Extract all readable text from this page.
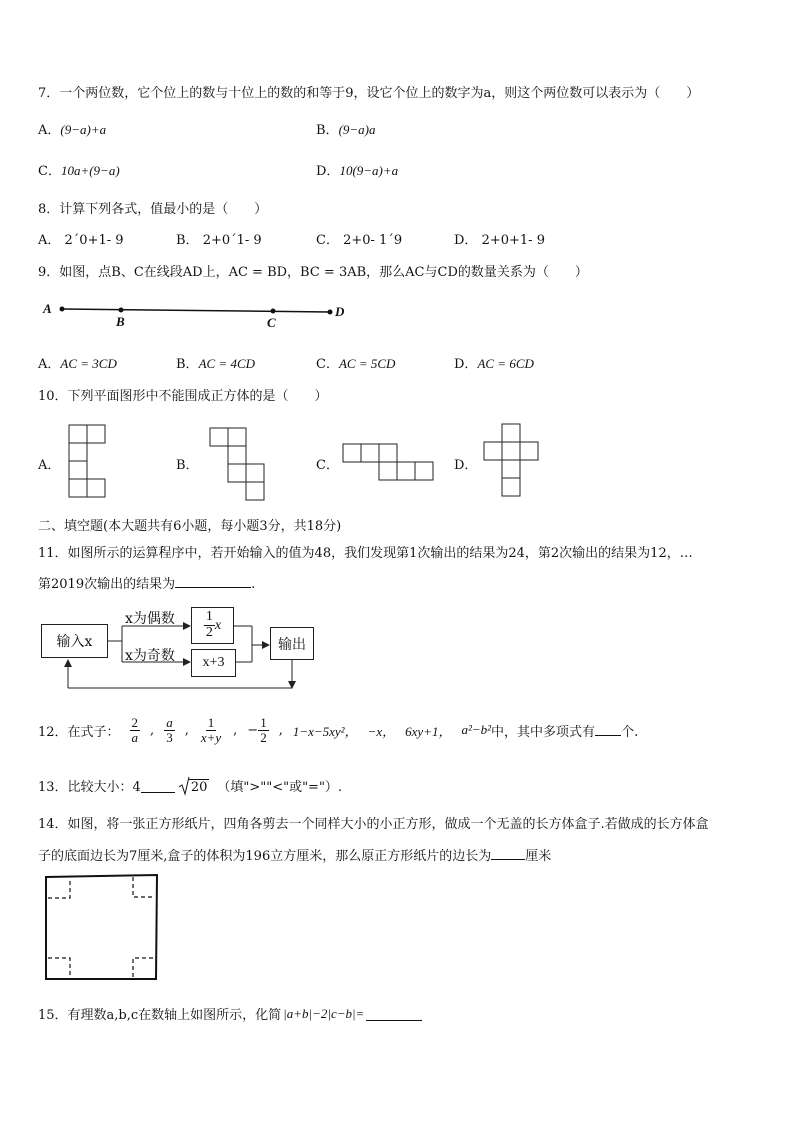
7．一个两位数，它个位上的数与十位上的数的和等于9，设它个位上的数字为a，则这个两位数可以表示为（　　）
A．(9−a)+a	B．(9−a)a
C．10a+(9−a)	D．10(9−a)+a
8．计算下列各式，值最小的是（　　）
A． 2´0+1- 9	B． 2+0´1- 9	C． 2+0- 1´9	D． 2+0+1- 9
9．如图，点B、C在线段AD上，AC = BD，BC = 3AB，那么AC与CD的数量关系为（　　）
A
B	C
D
A．AC = 3CD	B．AC = 4CD	C．AC = 5CD	D．AC = 6CD
10．下列平面图形中不能围成正方体的是（　　）
A．	B．	C．	D．
二、填空题(本大题共有6小题，每小题3分，共18分)
11．如图所示的运算程序中，若开始输入的值为48，我们发现第1次输出的结果为24，第2次输出的结果为12，…
第2019次输出的结果为	.
输入x
x为偶数
x为奇数
$\frac{1}{2}$ x
x+3
输出
12．在式子： $\frac{2}{a}$ , $\frac{a}{3}$ , $\frac{1}{x+y}$ , − $\frac{1}{2}$ , 1−x−5xy²， −x， 6xy+1， a²−b² 中，其中多项式有 个.
13．比较大小：4	20 （填">""<"或"="）.
14．如图，将一张正方形纸片，四角各剪去一个同样大小的小正方形，做成一个无盖的长方体盒子.若做成的长方体盒
子的底面边长为7厘米,盒子的体积为196立方厘米，那么原正方形纸片的边长为	厘米
15．有理数a,b,c在数轴上如图所示，化简 |a+b|−2|c−b|=
